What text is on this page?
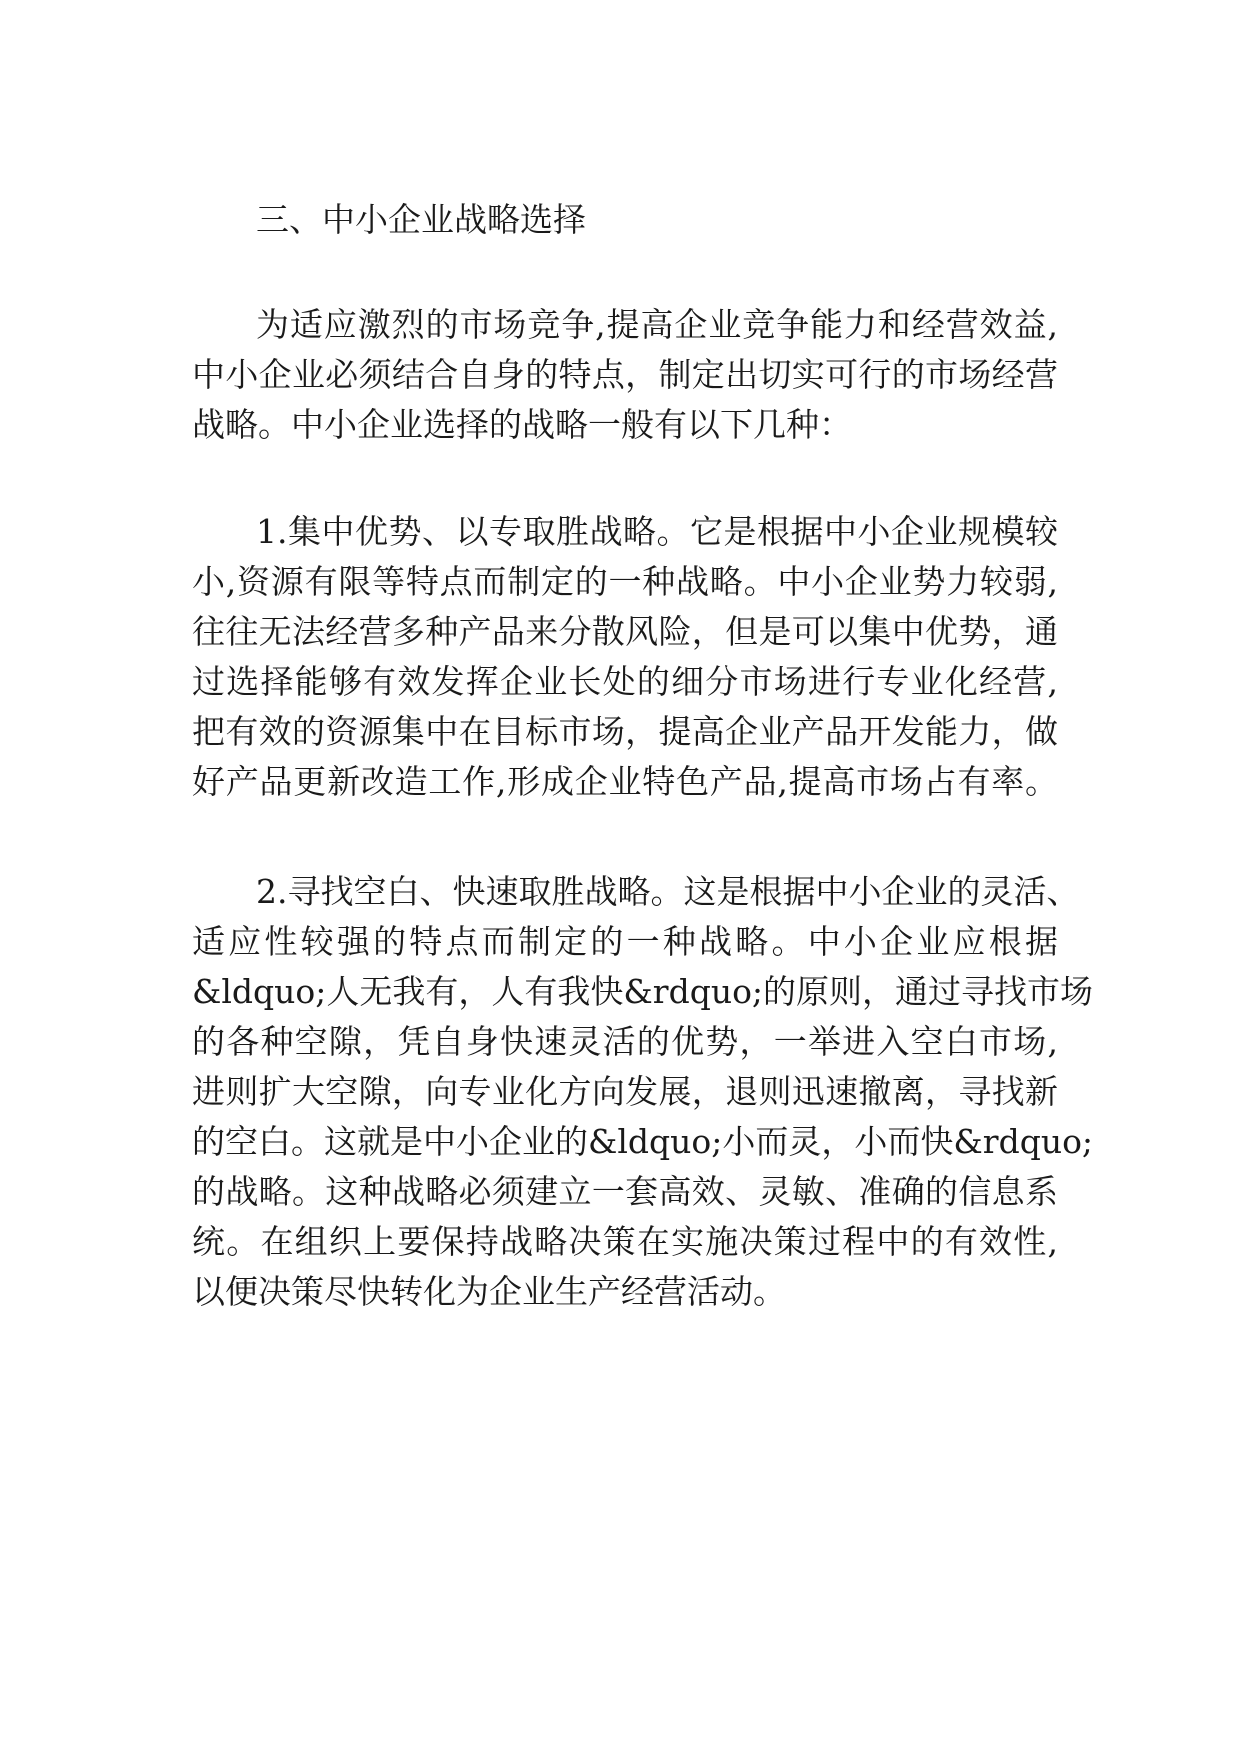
三、中小企业战略选择
为适应激烈的市场竞争,提高企业竞争能力和经营效益,
中小企业必须结合自身的特点，制定出切实可行的市场经营
战略。中小企业选择的战略一般有以下几种：
1.集中优势、以专取胜战略。它是根据中小企业规模较
小,资源有限等特点而制定的一种战略。中小企业势力较弱,
往往无法经营多种产品来分散风险，但是可以集中优势，通
过选择能够有效发挥企业长处的细分市场进行专业化经营,
把有效的资源集中在目标市场，提高企业产品开发能力，做
好产品更新改造工作,形成企业特色产品,提高市场占有率。
2.寻找空白、快速取胜战略。这是根据中小企业的灵活、
适应性较强的特点而制定的一种战略。中小企业应根据
&ldquo;人无我有，人有我快&rdquo;的原则，通过寻找市场
的各种空隙，凭自身快速灵活的优势，一举进入空白市场,
进则扩大空隙，向专业化方向发展，退则迅速撤离，寻找新
的空白。这就是中小企业的&ldquo;小而灵，小而快&rdquo;
的战略。这种战略必须建立一套高效、灵敏、准确的信息系
统。在组织上要保持战略决策在实施决策过程中的有效性,
以便决策尽快转化为企业生产经营活动。
